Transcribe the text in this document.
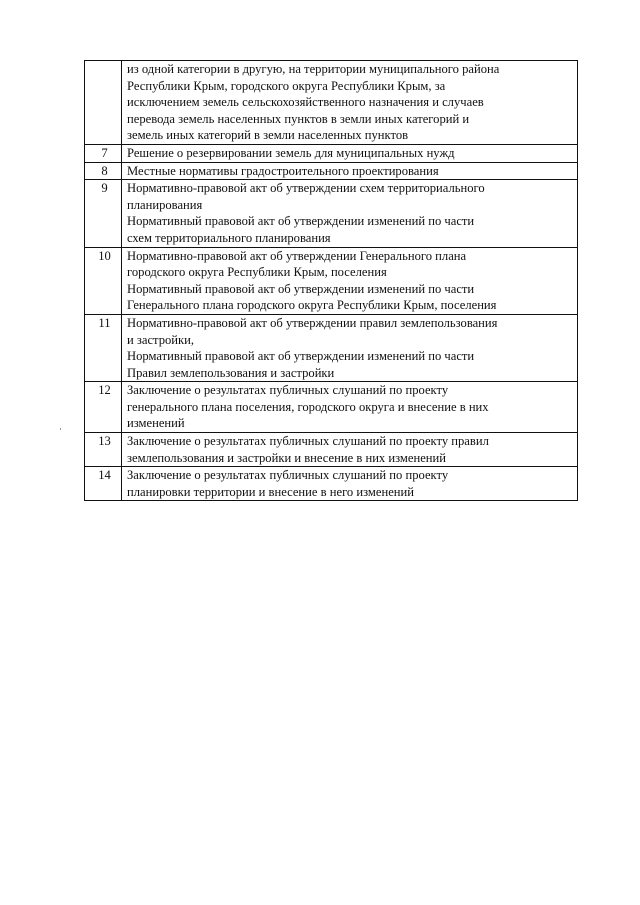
	из одной категории в другую, на территории муниципального района
Республики Крым, городского округа Республики Крым, за
исключением земель сельскохозяйственного назначения и случаев
перевода земель населенных пунктов в земли иных категорий и
земель иных категорий в земли населенных пунктов

7	Решение о резервировании земель для муниципальных нужд

8	Местные нормативы градостроительного проектирования

9	Нормативно-правовой акт об утверждении схем территориального
планирования
Нормативный правовой акт об утверждении изменений по части
схем территориального планирования

10	Нормативно-правовой акт об утверждении Генерального плана
городского округа Республики Крым, поселения
Нормативный правовой акт об утверждении изменений по части
Генерального плана городского округа Республики Крым, поселения

11	Нормативно-правовой акт об утверждении правил землепользования
и застройки,
Нормативный правовой акт об утверждении изменений по части
Правил землепользования и застройки

12	Заключение о результатах публичных слушаний по проекту
генерального плана поселения, городского округа и внесение в них
изменений

13	Заключение о результатах публичных слушаний по проекту правил
землепользования и застройки и внесение в них изменений

14	Заключение о результатах публичных слушаний по проекту
планировки территории и внесение в него изменений
